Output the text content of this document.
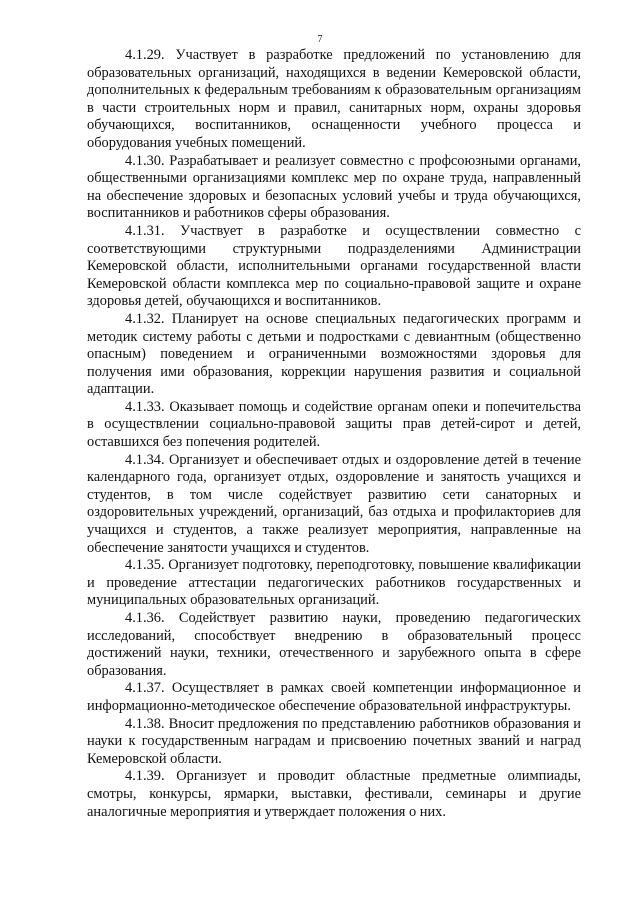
7

4.1.29. Участвует в разработке предложений по установлению для образовательных организаций, находящихся в ведении Кемеровской области, дополнительных к федеральным требованиям к образовательным организациям в части строительных норм и правил, санитарных норм, охраны здоровья обучающихся, воспитанников, оснащенности учебного процесса и оборудования учебных помещений.

4.1.30. Разрабатывает и реализует совместно с профсоюзными органами, общественными организациями комплекс мер по охране труда, направленный на обеспечение здоровых и безопасных условий учебы и труда обучающихся, воспитанников и работников сферы образования.

4.1.31. Участвует в разработке и осуществлении совместно с соответствующими структурными подразделениями Администрации Кемеровской области, исполнительными органами государственной власти Кемеровской области комплекса мер по социально-правовой защите и охране здоровья детей, обучающихся и воспитанников.

4.1.32. Планирует на основе специальных педагогических программ и методик систему работы с детьми и подростками с девиантным (общественно опасным) поведением и ограниченными возможностями здоровья для получения ими образования, коррекции нарушения развития и социальной адаптации.

4.1.33. Оказывает помощь и содействие органам опеки и попечительства в осуществлении социально-правовой защиты прав детей-сирот и детей, оставшихся без попечения родителей.

4.1.34. Организует и обеспечивает отдых и оздоровление детей в течение календарного года, организует отдых, оздоровление и занятость учащихся и студентов, в том числе содействует развитию сети санаторных и оздоровительных учреждений, организаций, баз отдыха и профилакториев для учащихся и студентов, а также реализует мероприятия, направленные на обеспечение занятости учащихся и студентов.

4.1.35. Организует подготовку, переподготовку, повышение квалификации и проведение аттестации педагогических работников государственных и муниципальных образовательных организаций.

4.1.36. Содействует развитию науки, проведению педагогических исследований, способствует внедрению в образовательный процесс достижений науки, техники, отечественного и зарубежного опыта в сфере образования.

4.1.37. Осуществляет в рамках своей компетенции информационное и информационно-методическое обеспечение образовательной инфраструктуры.

4.1.38. Вносит предложения по представлению работников образования и науки к государственным наградам и присвоению почетных званий и наград Кемеровской области.

4.1.39. Организует и проводит областные предметные олимпиады, смотры, конкурсы, ярмарки, выставки, фестивали, семинары и другие аналогичные мероприятия и утверждает положения о них.
